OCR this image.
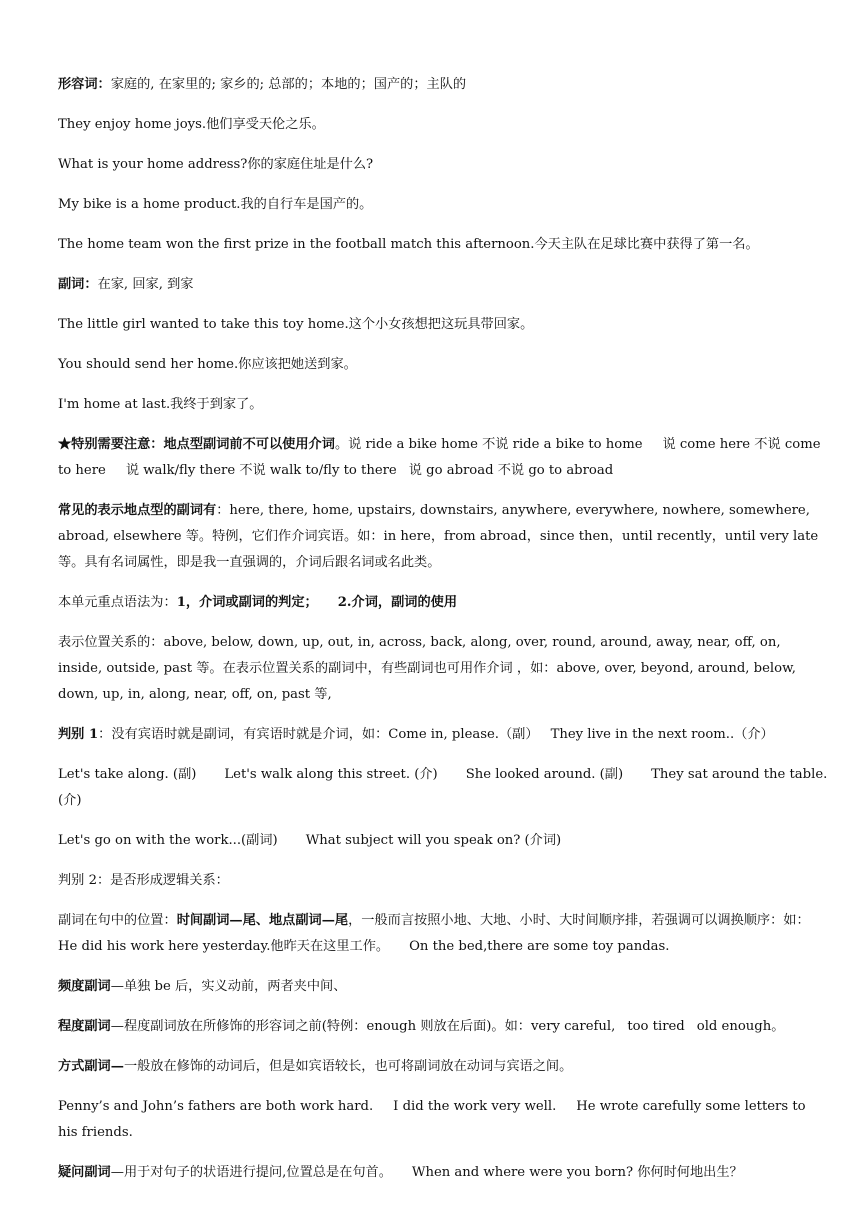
形容词：家庭的, 在家里的; 家乡的; 总部的；本地的；国产的；主队的

They enjoy home joys.他们享受天伦之乐。

What is your home address?你的家庭住址是什么?

My bike is a home product.我的自行车是国产的。

The home team won the first prize in the football match this afternoon.今天主队在足球比赛中获得了第一名。

副词：在家, 回家, 到家

The little girl wanted to take this toy home.这个小女孩想把这玩具带回家。

You should send her home.你应该把她送到家。

I'm home at last.我终于到家了。

★特别需要注意：地点型副词前不可以使用介词。说 ride a bike home 不说 ride a bike to home 说 come here 不说 come to here 说 walk/fly there 不说 walk to/fly to there 说 go abroad 不说 go to abroad

常见的表示地点型的副词有：here, there, home, upstairs, downstairs, anywhere, everywhere, nowhere, somewhere, abroad, elsewhere 等。特例，它们作介词宾语。如：in here，from abroad，since then，until recently，until very late 等。具有名词属性，即是我一直强调的，介词后跟名词或名此类。

本单元重点语法为：1，介词或副词的判定； 2.介词，副词的使用

表示位置关系的：above, below, down, up, out, in, across, back, along, over, round, around, away, near, off, on, inside, outside, past 等。在表示位置关系的副词中，有些副词也可用作介词 ，如：above, over, beyond, around, below, down, up, in, along, near, off, on, past 等,

判别 1：没有宾语时就是副词，有宾语时就是介词，如：Come in, please.（副） They live in the next room..（介）

Let's take along. (副) Let's walk along this street. (介) She looked around. (副) They sat around the table. (介)

Let's go on with the work...(副词) What subject will you speak on? (介词)

判别 2：是否形成逻辑关系：

副词在句中的位置：时间副词—尾、地点副词—尾，一般而言按照小地、大地、小时、大时间顺序排，若强调可以调换顺序：如：He did his work here yesterday.他昨天在这里工作。 On the bed,there are some toy pandas.

频度副词—单独 be 后，实义动前，两者夹中间、

程度副词—程度副词放在所修饰的形容词之前(特例：enough 则放在后面)。如：very careful, too tired old enough。

方式副词—一般放在修饰的动词后，但是如宾语较长，也可将副词放在动词与宾语之间。

Penny’s and John’s fathers are both work hard. I did the work very well. He wrote carefully some letters to his friends.

疑问副词—用于对句子的状语进行提问,位置总是在句首。 When and where were you born? 你何时何地出生？
